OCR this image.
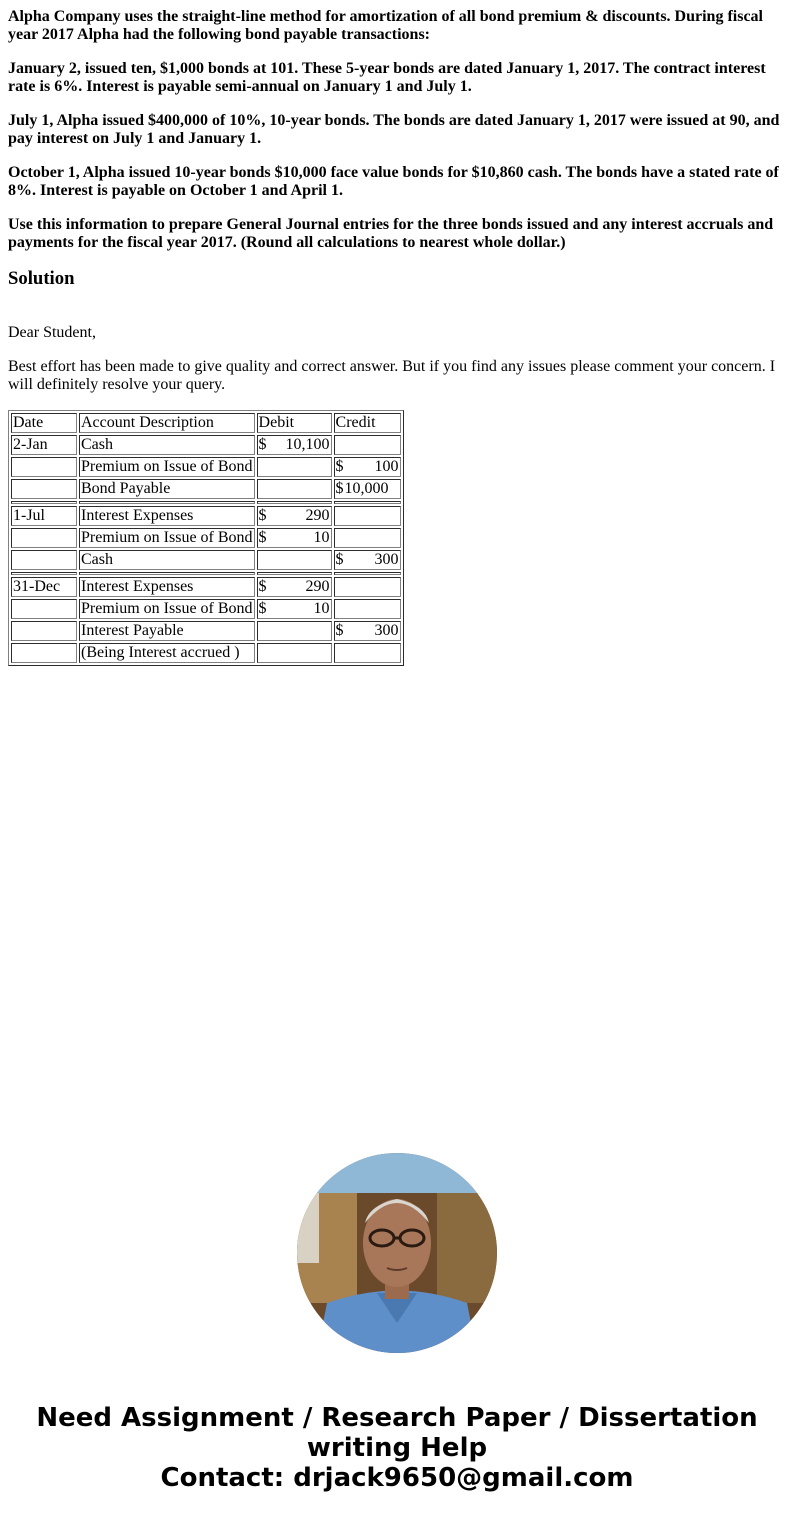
Alpha Company uses the straight-line method for amortization of all bond premium & discounts. During fiscal year 2017 Alpha had the following bond payable transactions:

January 2, issued ten, $1,000 bonds at 101. These 5-year bonds are dated January 1, 2017. The contract interest rate is 6%. Interest is payable semi-annual on January 1 and July 1.

July 1, Alpha issued $400,000 of 10%, 10-year bonds. The bonds are dated January 1, 2017 were issued at 90, and pay interest on July 1 and January 1.

October 1, Alpha issued 10-year bonds $10,000 face value bonds for $10,860 cash. The bonds have a stated rate of 8%. Interest is payable on October 1 and April 1.

Use this information to prepare General Journal entries for the three bonds issued and any interest accruals and payments for the fiscal year 2017. (Round all calculations to nearest whole dollar.)

Solution

Dear Student,

Best effort has been made to give quality and correct answer. But if you find any issues please comment your concern. I will definitely resolve your query.

Date	Account Description	Debit	Credit
2-Jan	Cash	$ 10,100	

	Premium on Issue of Bond		$ 100

	Bond Payable		$ 10,000

1-Jul	Interest Expenses	$ 290	

	Premium on Issue of Bond	$ 10	

	Cash		$ 300

31-Dec	Interest Expenses	$ 290	

	Premium on Issue of Bond	$ 10	

	Interest Payable		$ 300

	(Being Interest accrued )		
Need Assignment / Research Paper / Dissertation
writing Help
Contact: drjack9650@gmail.com
